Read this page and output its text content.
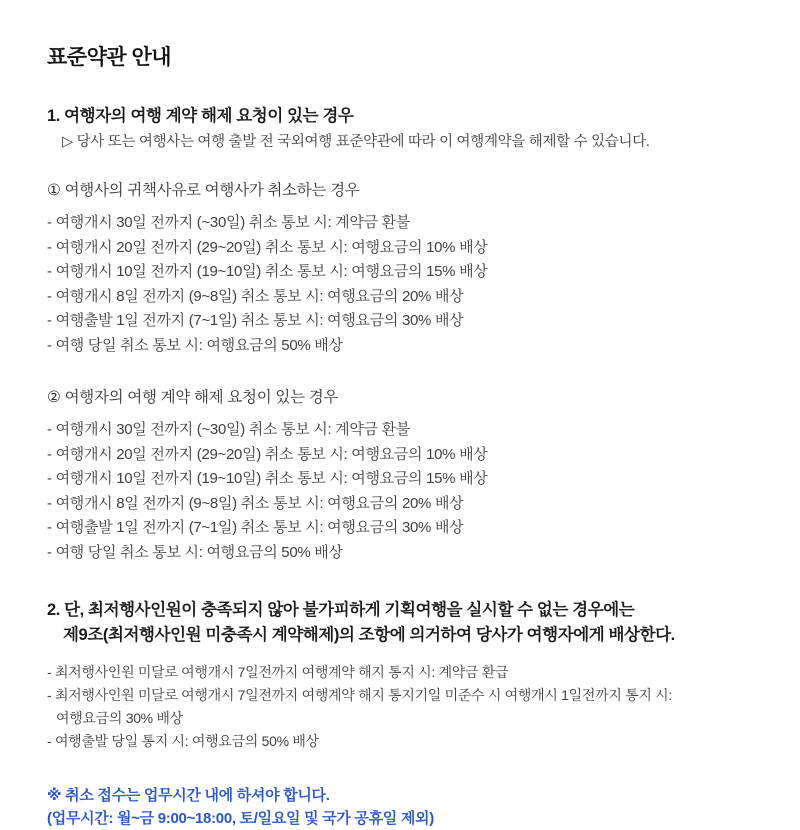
표준약관 안내
1. 여행자의 여행 계약 해제 요청이 있는 경우

▷ 당사 또는 여행사는 여행 출발 전 국외여행 표준약관에 따라 이 여행계약을 해제할 수 있습니다.

① 여행사의 귀책사유로 여행사가 취소하는 경우

- 여행개시 30일 전까지 (~30일) 취소 통보 시: 계약금 환불

- 여행개시 20일 전까지 (29~20일) 취소 통보 시: 여행요금의 10% 배상

- 여행개시 10일 전까지 (19~10일) 취소 통보 시: 여행요금의 15% 배상

- 여행개시 8일 전까지 (9~8일) 취소 통보 시: 여행요금의 20% 배상

- 여행출발 1일 전까지 (7~1일) 취소 통보 시: 여행요금의 30% 배상

- 여행 당일 취소 통보 시: 여행요금의 50% 배상

② 여행자의 여행 계약 해제 요청이 있는 경우

- 여행개시 30일 전까지 (~30일) 취소 통보 시: 계약금 환불

- 여행개시 20일 전까지 (29~20일) 취소 통보 시: 여행요금의 10% 배상

- 여행개시 10일 전까지 (19~10일) 취소 통보 시: 여행요금의 15% 배상

- 여행개시 8일 전까지 (9~8일) 취소 통보 시: 여행요금의 20% 배상

- 여행출발 1일 전까지 (7~1일) 취소 통보 시: 여행요금의 30% 배상

- 여행 당일 취소 통보 시: 여행요금의 50% 배상

2. 단, 최저행사인원이 충족되지 않아 불가피하게 기획여행을 실시할 수 없는 경우에는
제9조(최저행사인원 미충족시 계약해제)의 조항에 의거하여 당사가 여행자에게 배상한다.

- 최저행사인원 미달로 여행개시 7일전까지 여행계약 해지 통지 시: 계약금 환급

- 최저행사인원 미달로 여행개시 7일전까지 여행계약 해지 통지기일 미준수 시 여행개시 1일전까지 통지 시:

여행요금의 30% 배상

- 여행출발 당일 통지 시: 여행요금의 50% 배상

※ 취소 접수는 업무시간 내에 하셔야 합니다.

(업무시간: 월~금 9:00~18:00, 토/일요일 및 국가 공휴일 제외)
